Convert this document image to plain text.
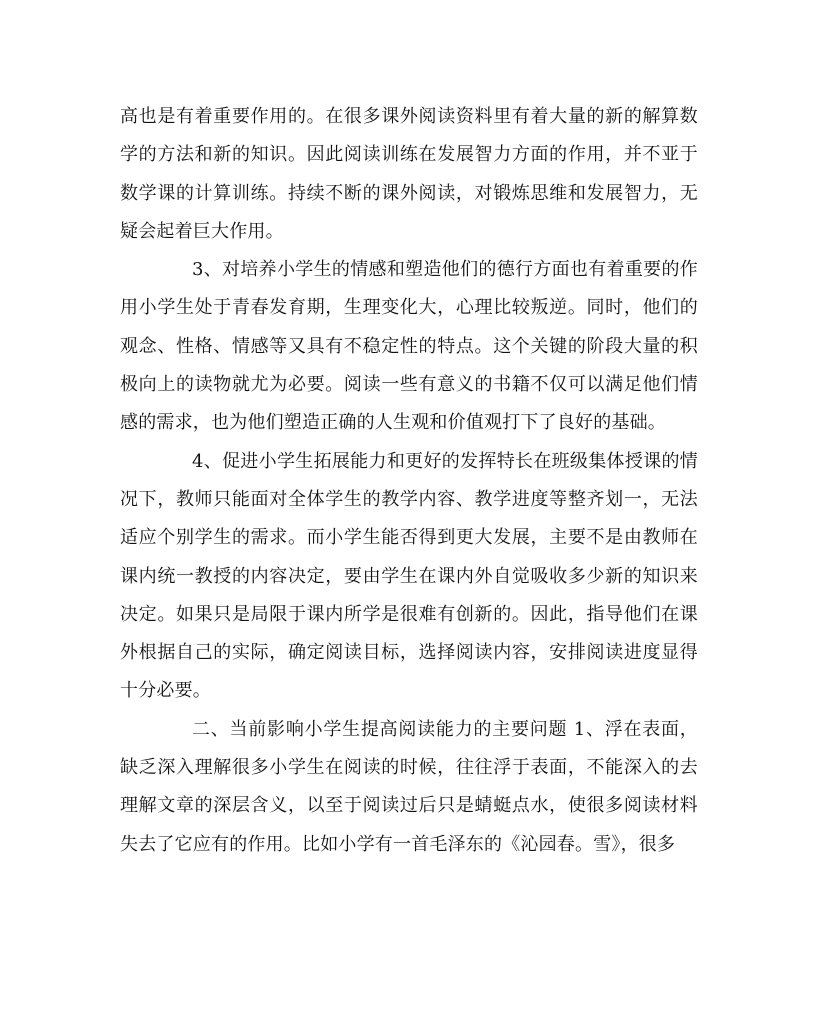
高也是有着重要作用的。在很多课外阅读资料里有着大量的新的解算数学的方法和新的知识。因此阅读训练在发展智力方面的作用，并不亚于数学课的计算训练。持续不断的课外阅读，对锻炼思维和发展智力，无疑会起着巨大作用。

3、对培养小学生的情感和塑造他们的德行方面也有着重要的作用小学生处于青春发育期，生理变化大，心理比较叛逆。同时，他们的观念、性格、情感等又具有不稳定性的特点。这个关键的阶段大量的积极向上的读物就尤为必要。阅读一些有意义的书籍不仅可以满足他们情感的需求，也为他们塑造正确的人生观和价值观打下了良好的基础。

4、促进小学生拓展能力和更好的发挥特长在班级集体授课的情况下，教师只能面对全体学生的教学内容、教学进度等整齐划一，无法适应个别学生的需求。而小学生能否得到更大发展，主要不是由教师在课内统一教授的内容决定，要由学生在课内外自觉吸收多少新的知识来决定。如果只是局限于课内所学是很难有创新的。因此，指导他们在课外根据自己的实际，确定阅读目标，选择阅读内容，安排阅读进度显得十分必要。

二、当前影响小学生提高阅读能力的主要问题 1、浮在表面，缺乏深入理解很多小学生在阅读的时候，往往浮于表面，不能深入的去理解文章的深层含义，以至于阅读过后只是蜻蜓点水，使很多阅读材料失去了它应有的作用。比如小学有一首毛泽东的《沁园春。雪》，很多
